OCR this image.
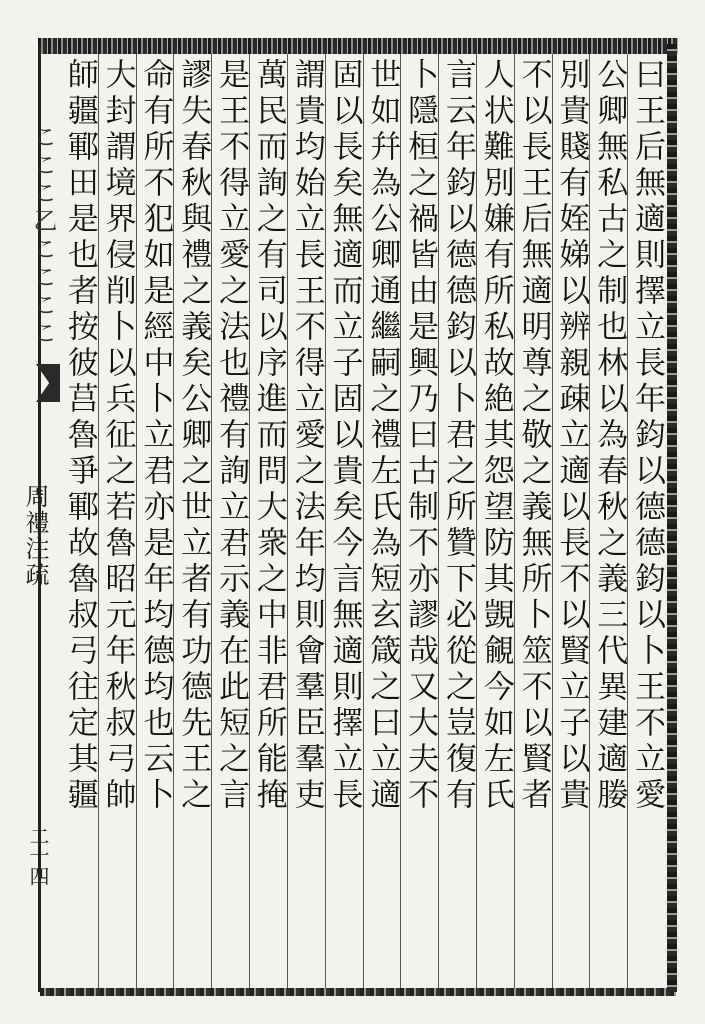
こここ乙ここここ
周禮注疏
二十四
曰王后無適則擇立長年鈞以德德鈞以卜王不立愛
公卿無私古之制也林以為春秋之義三代異建適媵
別貴賤有姪娣以辨親疎立適以長不以賢立子以貴
不以長王后無適明尊之敬之義無所卜筮不以賢者
人状難別嫌有所私故絶其怨望防其覬覦今如左氏
言云年鈞以德德鈞以卜君之所贊下必從之豈復有
卜隱桓之禍皆由是興乃曰古制不亦謬哉又大夫不
世如幷為公卿通繼嗣之禮左氏為短玄箴之曰立適
固以長矣無適而立子固以貴矣今言無適則擇立長
謂貴均始立長王不得立愛之法年均則會羣臣羣吏
萬民而詢之有司以序進而問大衆之中非君所能掩
是王不得立愛之法也禮有詢立君示義在此短之言
謬失春秋與禮之義矣公卿之世立者有功德先王之
命有所不犯如是經中卜立君亦是年均德均也云卜
大封謂境界侵削卜以兵征之若魯昭元年秋叔弓帥
師疆鄆田是也者按彼莒魯爭鄆故魯叔弓往定其疆
